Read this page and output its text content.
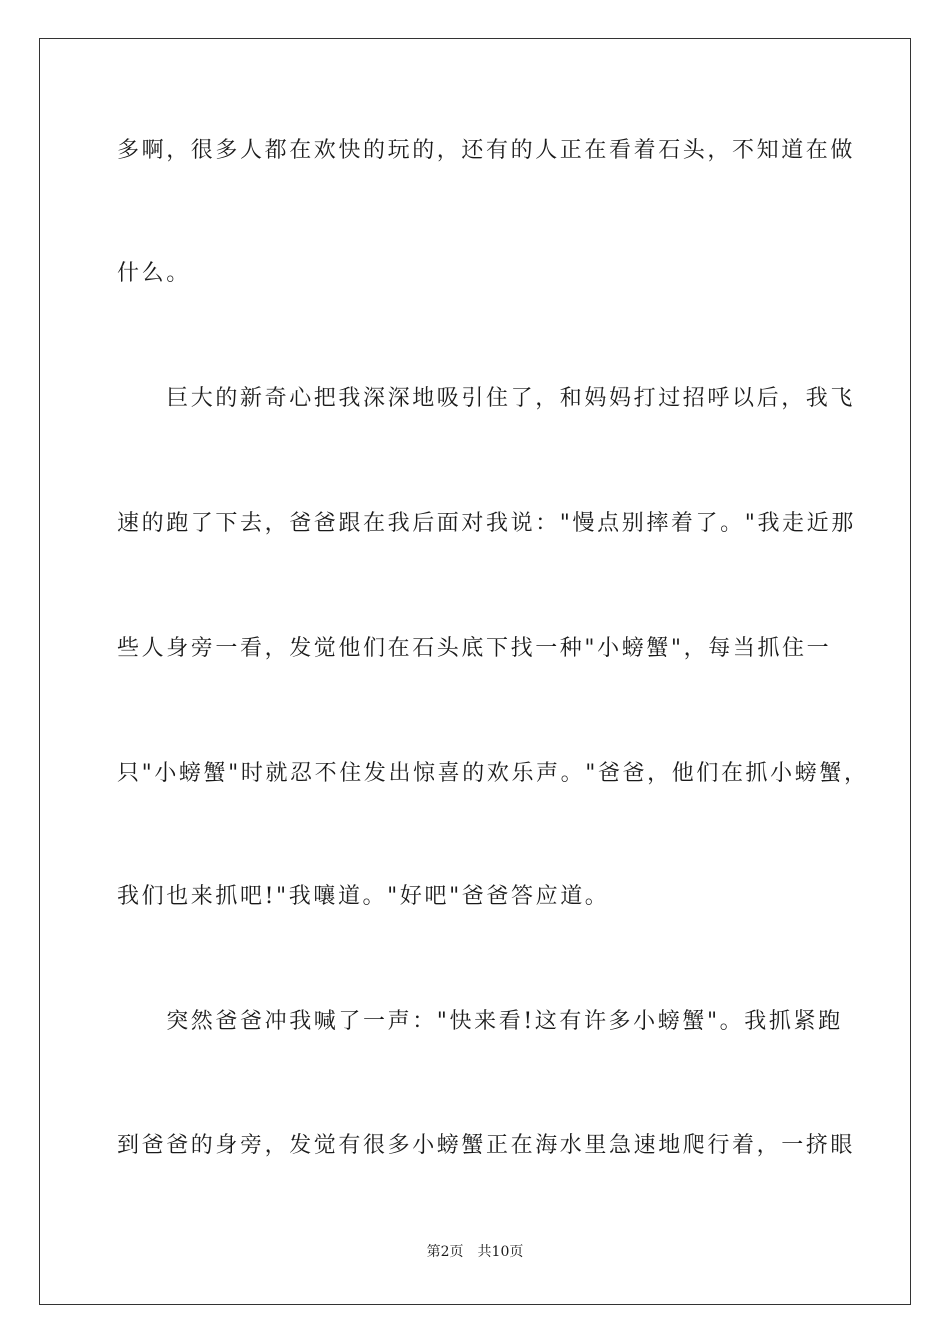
多啊，很多人都在欢快的玩的，还有的人正在看着石头，不知道在做
什么。
　　巨大的新奇心把我深深地吸引住了，和妈妈打过招呼以后，我飞
速的跑了下去，爸爸跟在我后面对我说："慢点别摔着了。"我走近那
些人身旁一看，发觉他们在石头底下找一种"小螃蟹"，每当抓住一
只"小螃蟹"时就忍不住发出惊喜的欢乐声。"爸爸，他们在抓小螃蟹，
我们也来抓吧!"我嚷道。"好吧"爸爸答应道。
　　突然爸爸冲我喊了一声："快来看!这有许多小螃蟹"。我抓紧跑
到爸爸的身旁，发觉有很多小螃蟹正在海水里急速地爬行着，一挤眼
第2页　共10页
